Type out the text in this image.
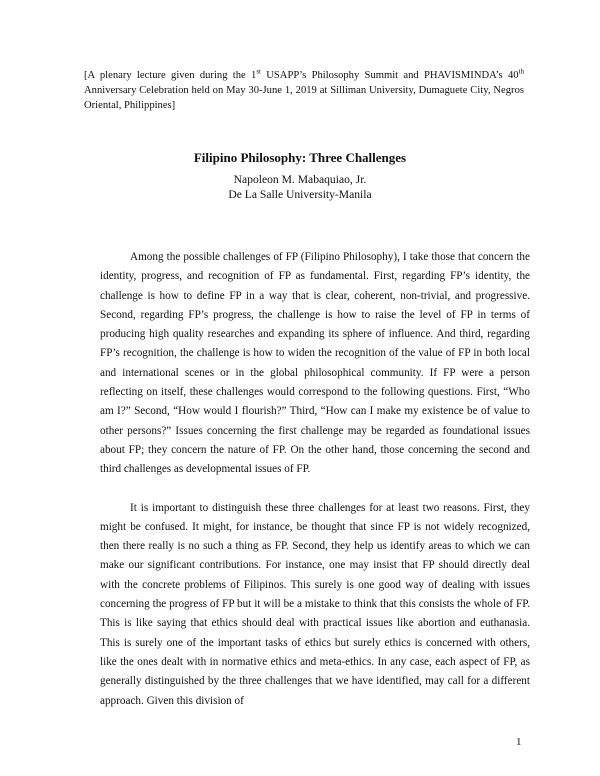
[A plenary lecture given during the 1st USAPP’s Philosophy Summit and PHAVISMINDA’s 40th Anniversary Celebration held on May 30-June 1, 2019 at Silliman University, Dumaguete City, Negros Oriental, Philippines]
Filipino Philosophy: Three Challenges
Napoleon M. Mabaquiao, Jr.
De La Salle University-Manila

Among the possible challenges of FP (Filipino Philosophy), I take those that concern the identity, progress, and recognition of FP as fundamental. First, regarding FP’s identity, the challenge is how to define FP in a way that is clear, coherent, non-trivial, and progressive. Second, regarding FP’s progress, the challenge is how to raise the level of FP in terms of producing high quality researches and expanding its sphere of influence. And third, regarding FP’s recognition, the challenge is how to widen the recognition of the value of FP in both local and international scenes or in the global philosophical community. If FP were a person reflecting on itself, these challenges would correspond to the following questions. First, “Who am I?” Second, “How would I flourish?” Third, “How can I make my existence be of value to other persons?” Issues concerning the first challenge may be regarded as foundational issues about FP; they concern the nature of FP. On the other hand, those concerning the second and third challenges as developmental issues of FP.

It is important to distinguish these three challenges for at least two reasons. First, they might be confused. It might, for instance, be thought that since FP is not widely recognized, then there really is no such a thing as FP. Second, they help us identify areas to which we can make our significant contributions. For instance, one may insist that FP should directly deal with the concrete problems of Filipinos. This surely is one good way of dealing with issues concerning the progress of FP but it will be a mistake to think that this consists the whole of FP. This is like saying that ethics should deal with practical issues like abortion and euthanasia. This is surely one of the important tasks of ethics but surely ethics is concerned with others, like the ones dealt with in normative ethics and meta-ethics. In any case, each aspect of FP, as generally distinguished by the three challenges that we have identified, may call for a different approach. Given this division of

1
